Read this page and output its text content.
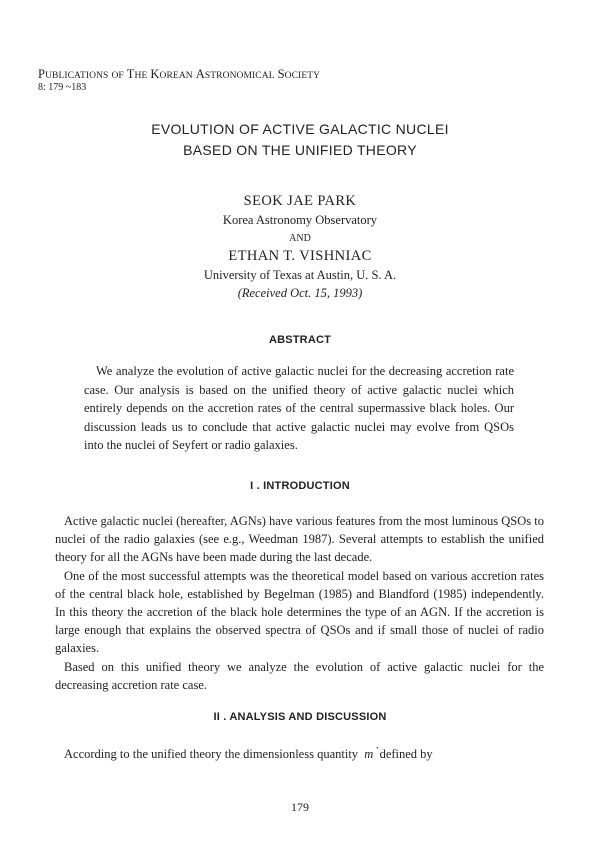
PUBLICATIONS OF THE KOREAN ASTRONOMICAL SOCIETY
8: 179 ~183
EVOLUTION OF ACTIVE GALACTIC NUCLEI
BASED ON THE UNIFIED THEORY
SEOK JAE PARK
Korea Astronomy Observatory
AND
ETHAN T. VISHNIAC
University of Texas at Austin, U. S. A.
(Received Oct. 15, 1993)
ABSTRACT

We analyze the evolution of active galactic nuclei for the decreasing accretion rate case. Our analysis is based on the unified theory of active galactic nuclei which entirely depends on the accretion rates of the central supermassive black holes. Our discussion leads us to conclude that active galactic nuclei may evolve from QSOs into the nuclei of Seyfert or radio galaxies.

I . INTRODUCTION

Active galactic nuclei (hereafter, AGNs) have various features from the most luminous QSOs to nuclei of the radio galaxies (see e.g., Weedman 1987). Several attempts to establish the unified theory for all the AGNs have been made during the last decade.

One of the most successful attempts was the theoretical model based on various accretion rates of the central black hole, established by Begelman (1985) and Blandford (1985) independently. In this theory the accretion of the black hole determines the type of an AGN. If the accretion is large enough that explains the observed spectra of QSOs and if small those of nuclei of radio galaxies.

Based on this unified theory we analyze the evolution of active galactic nuclei for the decreasing accretion rate case.

II . ANALYSIS AND DISCUSSION

According to the unified theory the dimensionless quantity  · m defined by

179
